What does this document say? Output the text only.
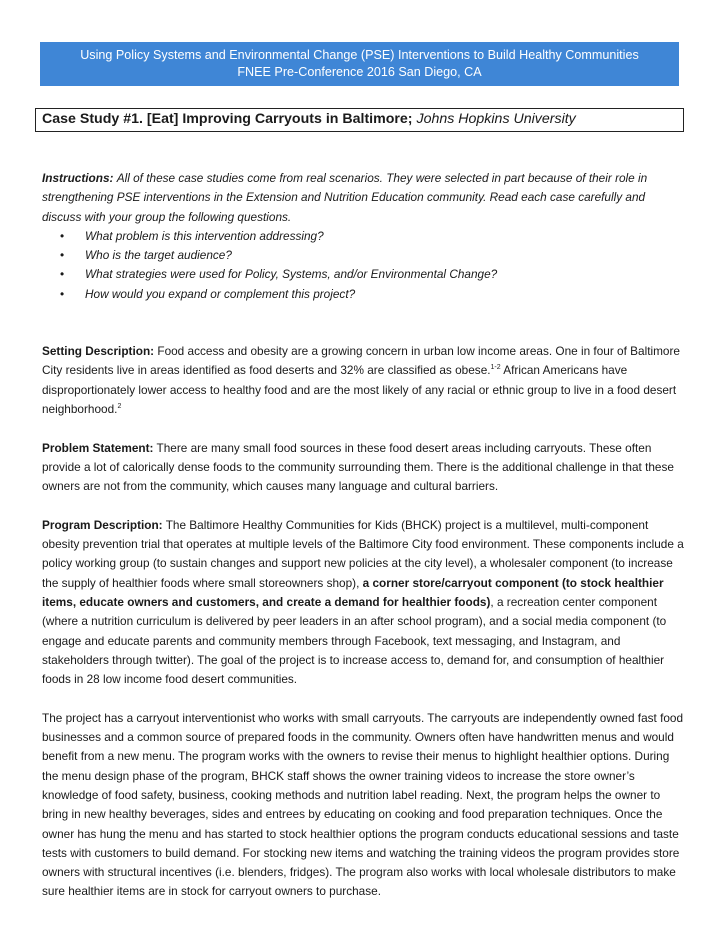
Using Policy Systems and Environmental Change (PSE) Interventions to Build Healthy Communities
FNEE Pre-Conference 2016 San Diego, CA
Case Study #1. [Eat] Improving Carryouts in Baltimore; Johns Hopkins University

Instructions: All of these case studies come from real scenarios. They were selected in part because of their role in strengthening PSE interventions in the Extension and Nutrition Education community. Read each case carefully and discuss with your group the following questions.

• What problem is this intervention addressing?
• Who is the target audience?
• What strategies were used for Policy, Systems, and/or Environmental Change?
• How would you expand or complement this project?

Setting Description: Food access and obesity are a growing concern in urban low income areas. One in four of Baltimore City residents live in areas identified as food deserts and 32% are classified as obese.$^{1-2}$ African Americans have disproportionately lower access to healthy food and are the most likely of any racial or ethnic group to live in a food desert neighborhood.$^2$

Problem Statement: There are many small food sources in these food desert areas including carryouts. These often provide a lot of calorically dense foods to the community surrounding them. There is the additional challenge in that these owners are not from the community, which causes many language and cultural barriers.

Program Description: The Baltimore Healthy Communities for Kids (BHCK) project is a multilevel, multi-component obesity prevention trial that operates at multiple levels of the Baltimore City food environment. These components include a policy working group (to sustain changes and support new policies at the city level), a wholesaler component (to increase the supply of healthier foods where small storeowners shop), a corner store/carryout component (to stock healthier items, educate owners and customers, and create a demand for healthier foods), a recreation center component (where a nutrition curriculum is delivered by peer leaders in an after school program), and a social media component (to engage and educate parents and community members through Facebook, text messaging, and Instagram, and stakeholders through twitter). The goal of the project is to increase access to, demand for, and consumption of healthier foods in 28 low income food desert communities.

The project has a carryout interventionist who works with small carryouts. The carryouts are independently owned fast food businesses and a common source of prepared foods in the community. Owners often have handwritten menus and would benefit from a new menu. The program works with the owners to revise their menus to highlight healthier options. During the menu design phase of the program, BHCK staff shows the owner training videos to increase the store owner’s knowledge of food safety, business, cooking methods and nutrition label reading. Next, the program helps the owner to bring in new healthy beverages, sides and entrees by educating on cooking and food preparation techniques. Once the owner has hung the menu and has started to stock healthier options the program conducts educational sessions and taste tests with customers to build demand. For stocking new items and watching the training videos the program provides store owners with structural incentives (i.e. blenders, fridges). The program also works with local wholesale distributors to make sure healthier items are in stock for carryout owners to purchase.
